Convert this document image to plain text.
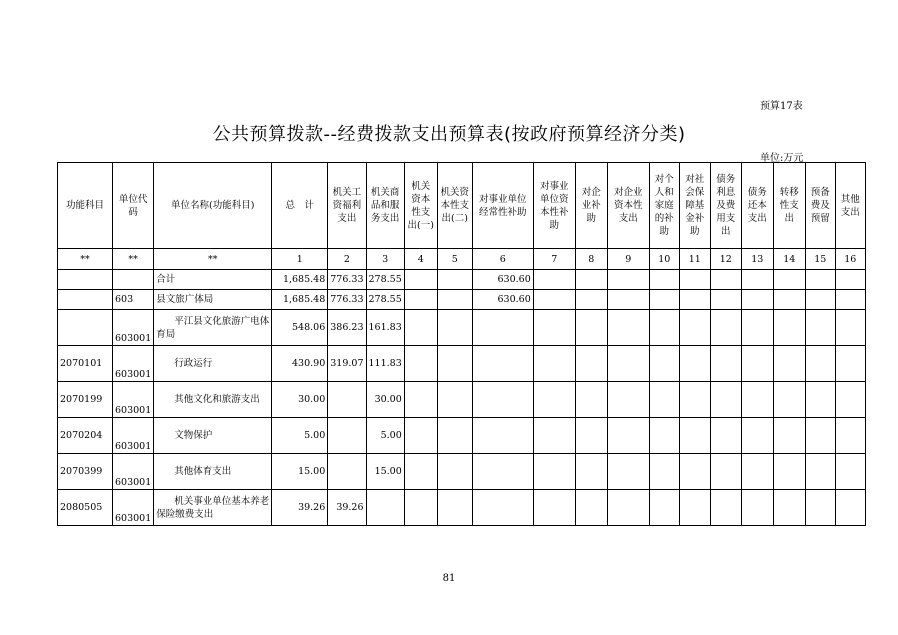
预算17表
公共预算拨款--经费拨款支出预算表(按政府预算经济分类)
单位:万元
功能科目	单位代码	单位名称(功能科目)	总　计	机关工资福利支出	机关商品和服务支出	机关资本性支出(一)	机关资本性支出(二)	对事业单位经常性补助	对事业单位资本性补助	对企业补助	对企业资本性支出	对个人和家庭的补助	对社会保障基金补助	债务利息及费用支出	债务还本支出	转移性支出	预备费及预留	其他支出
**	**	**	1	2	3	4	5	6	7	8	9	10	11	12	13	14	15	16
		合计	1,685.48	776.33	278.55			630.60										
	603	县文旅广体局	1,685.48	776.33	278.55			630.60										
	603001	平江县文化旅游广电体育局	548.06	386.23	161.83													
2070101	603001	行政运行	430.90	319.07	111.83													
2070199	603001	其他文化和旅游支出	30.00		30.00													
2070204	603001	文物保护	5.00		5.00													
2070399	603001	其他体育支出	15.00		15.00													
2080505	603001	机关事业单位基本养老保险缴费支出	39.26	39.26														
81
